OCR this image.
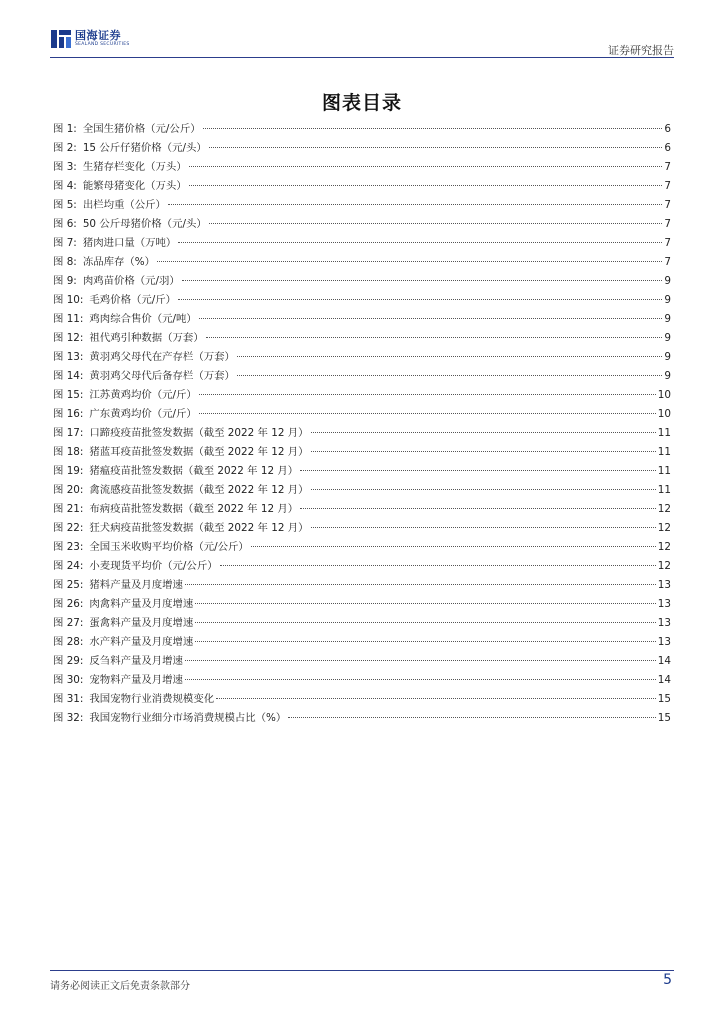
国海证券
SEALAND SECURITIES	证券研究报告
图表目录
图 1: 全国生猪价格（元/公斤）	6
图 2: 15 公斤仔猪价格（元/头）	6
图 3: 生猪存栏变化（万头）	7
图 4: 能繁母猪变化（万头）	7
图 5: 出栏均重（公斤）	7
图 6: 50 公斤母猪价格（元/头）	7
图 7: 猪肉进口量（万吨）	7
图 8: 冻品库存（%）	7
图 9: 肉鸡苗价格（元/羽）	9
图 10: 毛鸡价格（元/斤）	9
图 11: 鸡肉综合售价（元/吨）	9
图 12: 祖代鸡引种数据（万套）	9
图 13: 黄羽鸡父母代在产存栏（万套）	9
图 14: 黄羽鸡父母代后备存栏（万套）	9
图 15: 江苏黄鸡均价（元/斤）	10
图 16: 广东黄鸡均价（元/斤）	10
图 17: 口蹄疫疫苗批签发数据（截至 2022 年 12 月）	11
图 18: 猪蓝耳疫苗批签发数据（截至 2022 年 12 月）	11
图 19: 猪瘟疫苗批签发数据（截至 2022 年 12 月）	11
图 20: 禽流感疫苗批签发数据（截至 2022 年 12 月）	11
图 21: 布病疫苗批签发数据（截至 2022 年 12 月）	12
图 22: 狂犬病疫苗批签发数据（截至 2022 年 12 月）	12
图 23: 全国玉米收购平均价格（元/公斤）	12
图 24: 小麦现货平均价（元/公斤）	12
图 25: 猪料产量及月度增速	13
图 26: 肉禽料产量及月度增速	13
图 27: 蛋禽料产量及月度增速	13
图 28: 水产料产量及月度增速	13
图 29: 反刍料产量及月增速	14
图 30: 宠物料产量及月增速	14
图 31: 我国宠物行业消费规模变化	15
图 32: 我国宠物行业细分市场消费规模占比（%）	15
请务必阅读正文后免责条款部分	5
